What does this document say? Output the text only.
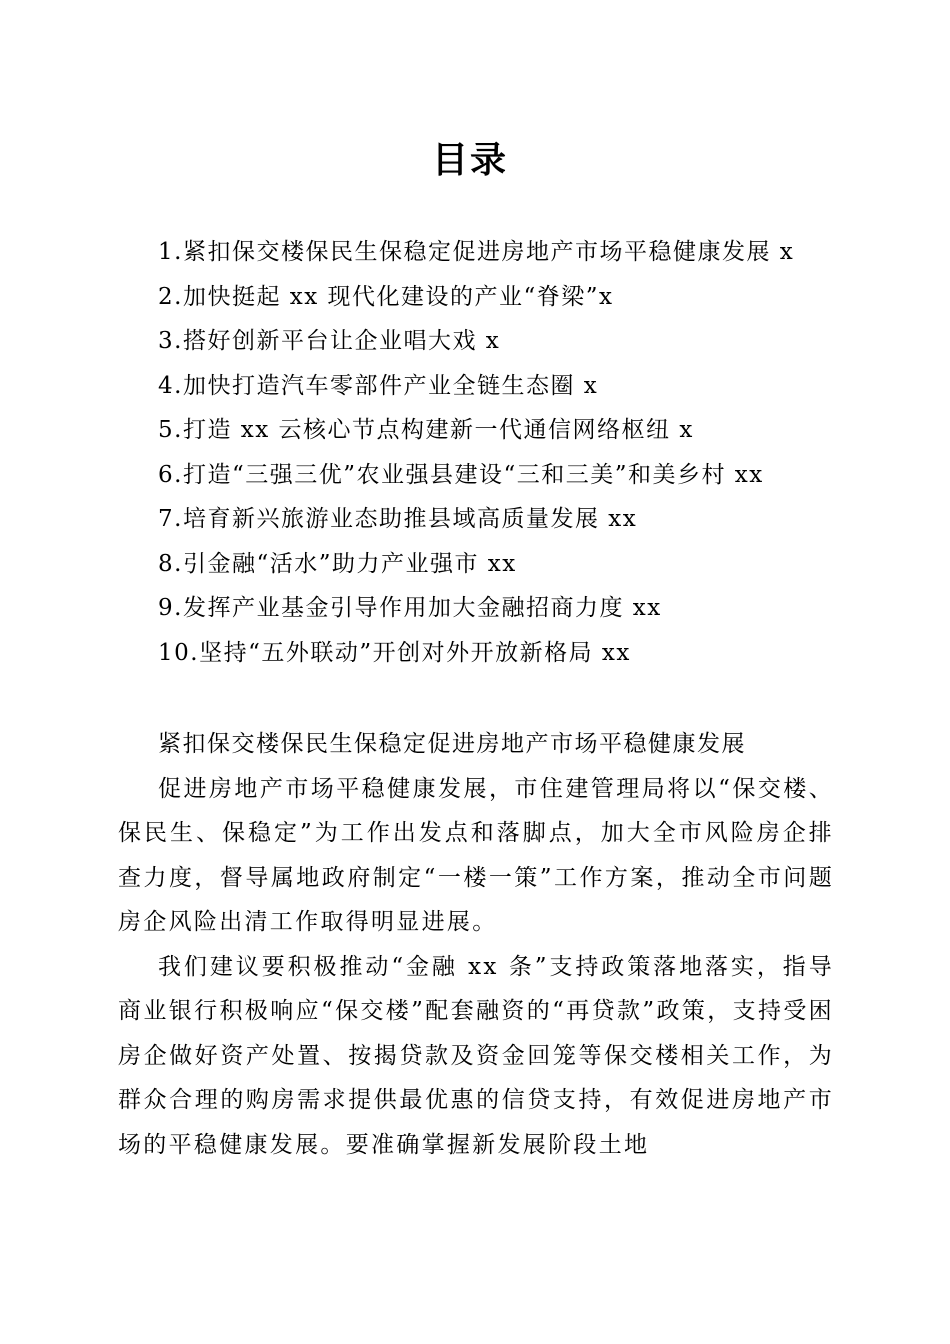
目录
1.紧扣保交楼保民生保稳定促进房地产市场平稳健康发展 x
2.加快挺起 xx 现代化建设的产业“脊梁”x
3.搭好创新平台让企业唱大戏 x
4.加快打造汽车零部件产业全链生态圈 x
5.打造 xx 云核心节点构建新一代通信网络枢纽 x
6.打造“三强三优”农业强县建设“三和三美”和美乡村 xx
7.培育新兴旅游业态助推县域高质量发展 xx
8.引金融“活水”助力产业强市 xx
9.发挥产业基金引导作用加大金融招商力度 xx
10.坚持“五外联动”开创对外开放新格局 xx

紧扣保交楼保民生保稳定促进房地产市场平稳健康发展

促进房地产市场平稳健康发展，市住建管理局将以“保交楼、保民生、保稳定”为工作出发点和落脚点，加大全市风险房企排查力度，督导属地政府制定“一楼一策”工作方案，推动全市问题房企风险出清工作取得明显进展。

我们建议要积极推动“金融 xx 条”支持政策落地落实，指导商业银行积极响应“保交楼”配套融资的“再贷款”政策，支持受困房企做好资产处置、按揭贷款及资金回笼等保交楼相关工作，为群众合理的购房需求提供最优惠的信贷支持，有效促进房地产市场的平稳健康发展。要准确掌握新发展阶段土地
